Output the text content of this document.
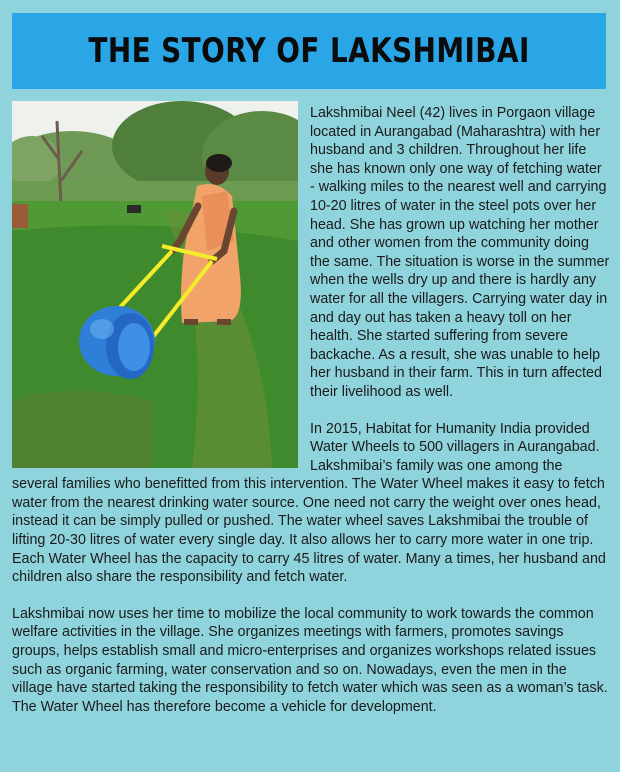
THE STORY OF LAKSHMIBAI

Lakshmibai Neel (42) lives in Porgaon village located in Aurangabad (Maharashtra) with her husband and 3 children. Throughout her life she has known only one way of fetching water - walking miles to the nearest well and carrying 10-20 litres of water in the steel pots over her head. She has grown up watching her mother and other women from the community doing the same. The situation is worse in the summer when the wells dry up and there is hardly any water for all the villagers. Carrying water day in and day out has taken a heavy toll on her health. She started suffering from severe backache. As a result, she was unable to help her husband in their farm. This in turn affected their livelihood as well.

In 2015, Habitat for Humanity India provided Water Wheels to 500 villagers in Aurangabad. Lakshmibai’s family was one among the several families who benefitted from this intervention. The Water Wheel makes it easy to fetch water from the nearest drinking water source. One need not carry the weight over ones head, instead it can be simply pulled or pushed. The water wheel saves Lakshmibai the trouble of lifting 20-30 litres of water every single day. It also allows her to carry more water in one trip. Each Water Wheel has the capacity to carry 45 litres of water. Many a times, her husband and children also share the responsibility and fetch water.

Lakshmibai now uses her time to mobilize the local community to work towards the common welfare activities in the village. She organizes meetings with farmers, promotes savings groups, helps establish small and micro-enterprises and organizes workshops related issues such as organic farming, water conservation and so on. Nowadays, even the men in the village have started taking the responsibility to fetch water which was seen as a woman’s task. The Water Wheel has therefore become a vehicle for development.
